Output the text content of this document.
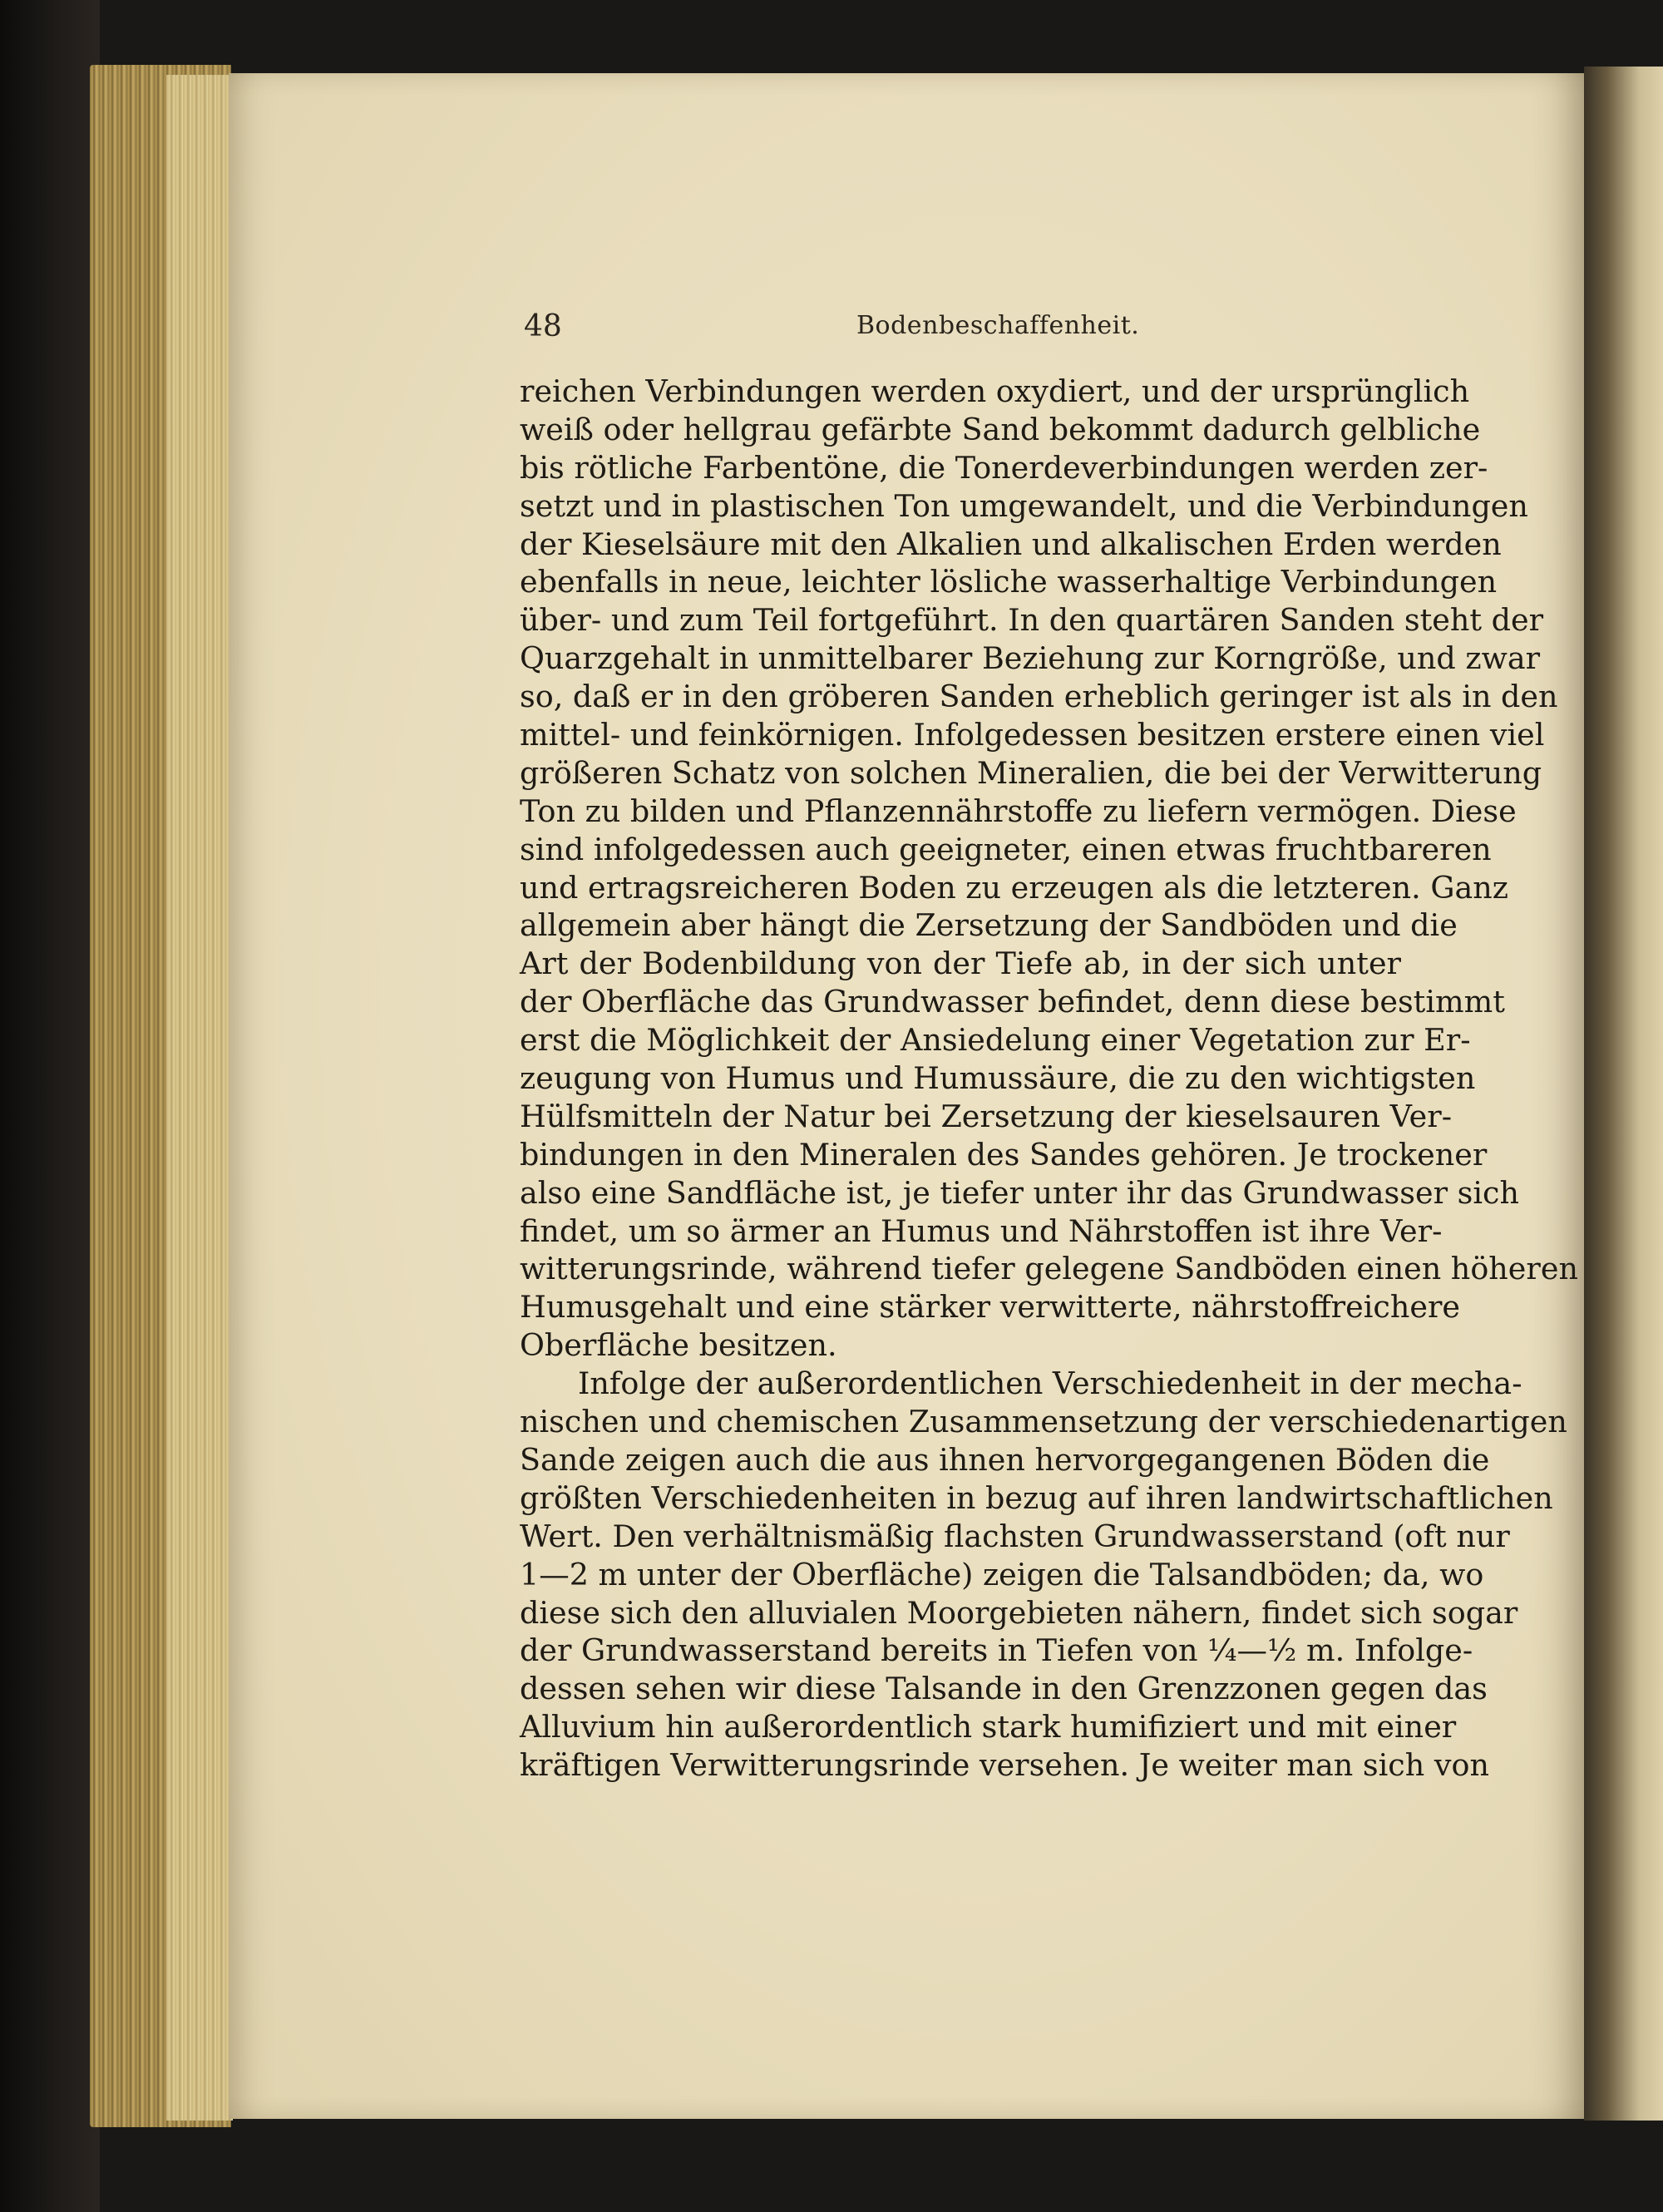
48	Bodenbeschaffenheit.
reichen Verbindungen werden oxydiert, und der ursprünglich
weiß oder hellgrau gefärbte Sand bekommt dadurch gelbliche
bis rötliche Farbentöne, die Tonerdeverbindungen werden zer-
setzt und in plastischen Ton umgewandelt, und die Verbindungen
der Kieselsäure mit den Alkalien und alkalischen Erden werden
ebenfalls in neue, leichter lösliche wasserhaltige Verbindungen
über- und zum Teil fortgeführt. In den quartären Sanden steht der
Quarzgehalt in unmittelbarer Beziehung zur Korngröße, und zwar
so, daß er in den gröberen Sanden erheblich geringer ist als in den
mittel- und feinkörnigen. Infolgedessen besitzen erstere einen viel
größeren Schatz von solchen Mineralien, die bei der Verwitterung
Ton zu bilden und Pflanzennährstoffe zu liefern vermögen. Diese
sind infolgedessen auch geeigneter, einen etwas fruchtbareren
und ertragsreicheren Boden zu erzeugen als die letzteren. Ganz
allgemein aber hängt die Zersetzung der Sandböden und die
Art der Bodenbildung von der Tiefe ab, in der sich unter
der Oberfläche das Grundwasser befindet, denn diese bestimmt
erst die Möglichkeit der Ansiedelung einer Vegetation zur Er-
zeugung von Humus und Humussäure, die zu den wichtigsten
Hülfsmitteln der Natur bei Zersetzung der kieselsauren Ver-
bindungen in den Mineralen des Sandes gehören. Je trockener
also eine Sandfläche ist, je tiefer unter ihr das Grundwasser sich
findet, um so ärmer an Humus und Nährstoffen ist ihre Ver-
witterungsrinde, während tiefer gelegene Sandböden einen höheren
Humusgehalt und eine stärker verwitterte, nährstoffreichere
Oberfläche besitzen.
Infolge der außerordentlichen Verschiedenheit in der mecha-
nischen und chemischen Zusammensetzung der verschiedenartigen
Sande zeigen auch die aus ihnen hervorgegangenen Böden die
größten Verschiedenheiten in bezug auf ihren landwirtschaftlichen
Wert. Den verhältnismäßig flachsten Grundwasserstand (oft nur
1—2 m unter der Oberfläche) zeigen die Talsandböden; da, wo
diese sich den alluvialen Moorgebieten nähern, findet sich sogar
der Grundwasserstand bereits in Tiefen von ¼—½ m. Infolge-
dessen sehen wir diese Talsande in den Grenzzonen gegen das
Alluvium hin außerordentlich stark humifiziert und mit einer
kräftigen Verwitterungsrinde versehen. Je weiter man sich von
